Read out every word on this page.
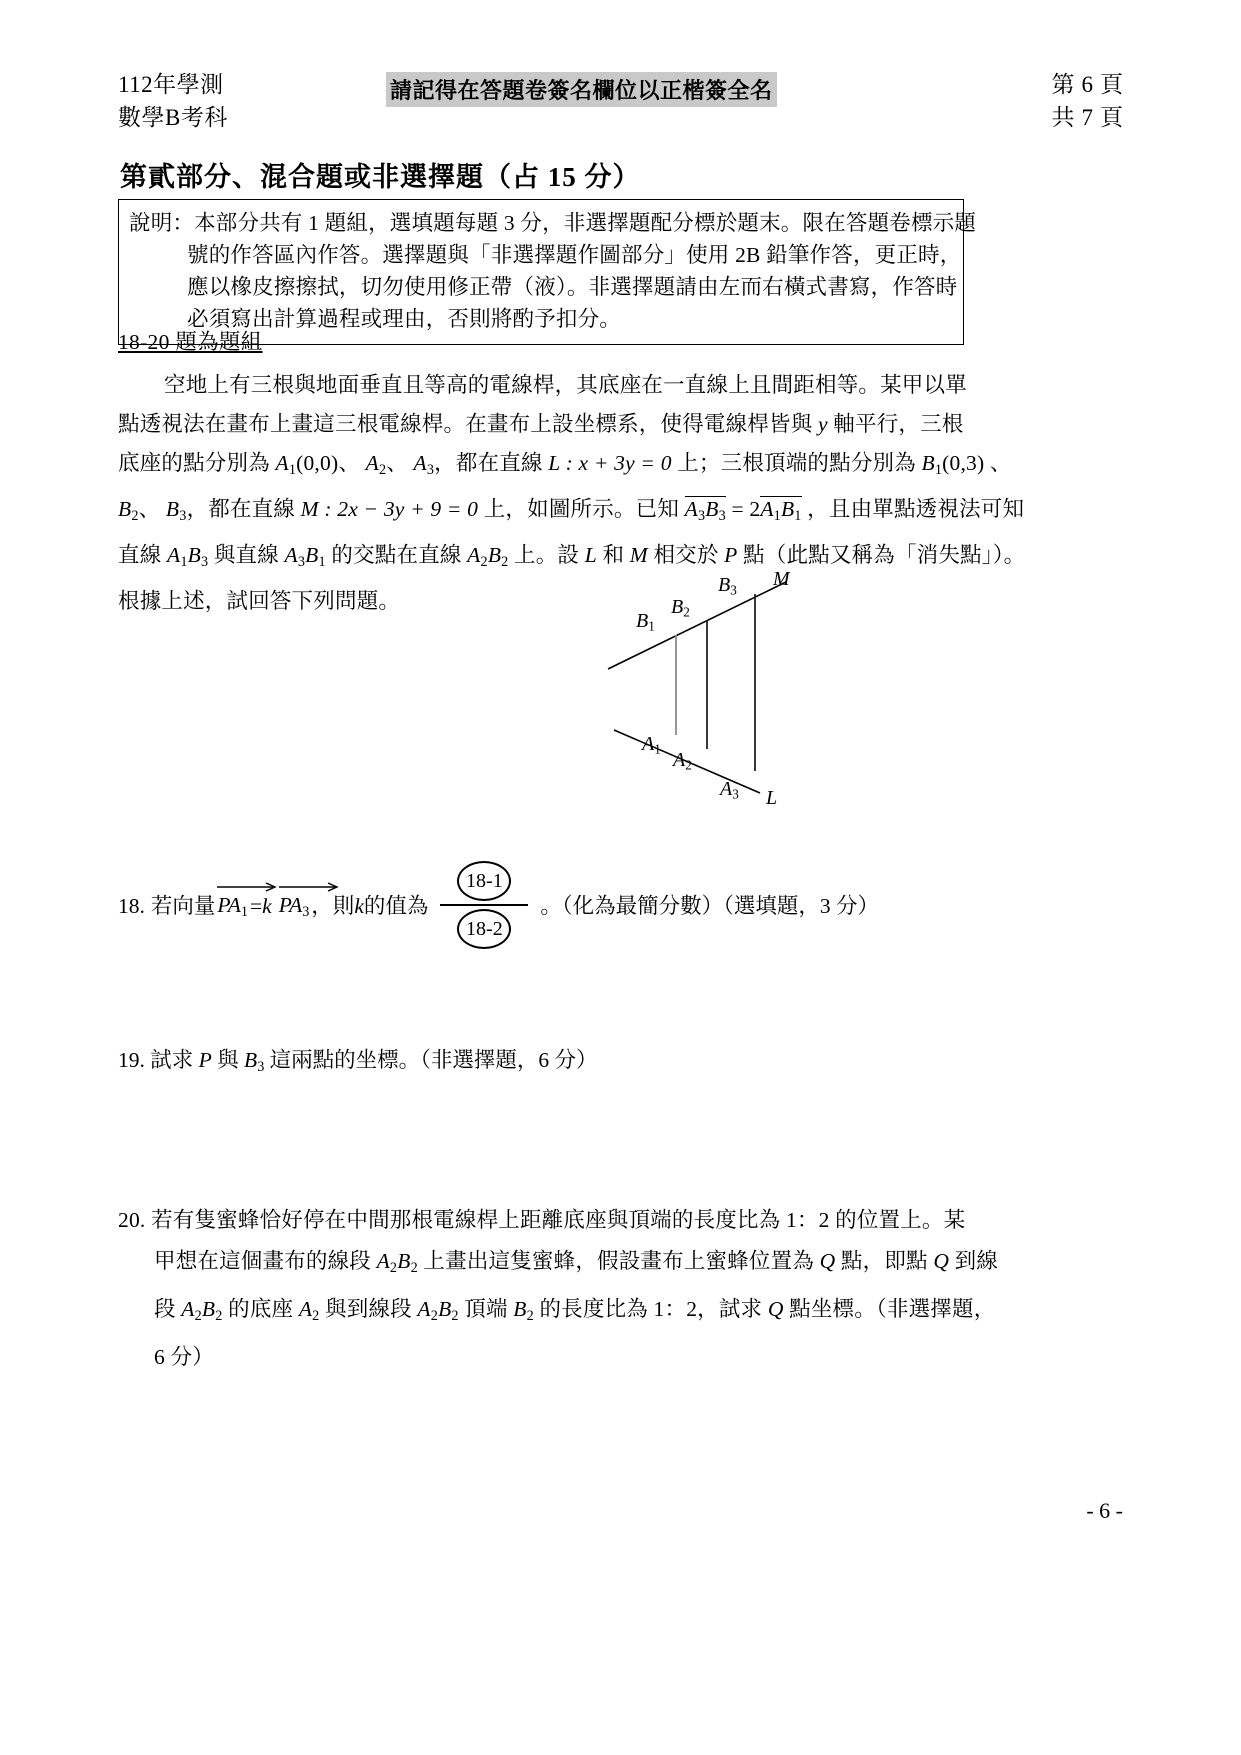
112年學測
數學B考科
請記得在答題卷簽名欄位以正楷簽全名	第 6 頁
共 7 頁
第貳部分、混合題或非選擇題（占 15 分）
說明：本部分共有 1 題組，選填題每題 3 分，非選擇題配分標於題末。限在答題卷標示題
號的作答區內作答。選擇題與「非選擇題作圖部分」使用 2B 鉛筆作答，更正時，
應以橡皮擦擦拭，切勿使用修正帶（液）。非選擇題請由左而右橫式書寫，作答時
必須寫出計算過程或理由，否則將酌予扣分。
18-20 題為題組
空地上有三根與地面垂直且等高的電線桿，其底座在一直線上且間距相等。某甲以單
點透視法在畫布上畫這三根電線桿。在畫布上設坐標系，使得電線桿皆與 y 軸平行，三根
底座的點分別為 $A_1(0,0)$、 $A_2$、 $A_3$，都在直線 L : x + 3y = 0 上；三根頂端的點分別為 $B_1(0,3)$ 、
$B_2$、 $B_3$，都在直線 M : 2x − 3y + 9 = 0 上，如圖所示。已知 $A_3B_3 = 2A_1B_1$ ，且由單點透視法可知
直線 $A_1B_3$ 與直線 $A_3B_1$ 的交點在直線 $A_2B_2$ 上。設 L 和 M 相交於 P 點（此點又稱為「消失點」）。
根據上述，試回答下列問題。
$B_1$
$B_2$
$B_3$
M
$A_1$ $A_2$
$A_3$ L
18. 若向量 $PA_1 = k$ $PA_3$ ，則 k 的值為 $\frac{18-1}{18-2}$ 。（化為最簡分數）（選填題，3 分）
19. 試求 P 與 $B_3$ 這兩點的坐標。（非選擇題，6 分）
20. 若有隻蜜蜂恰好停在中間那根電線桿上距離底座與頂端的長度比為 1：2 的位置上。某
甲想在這個畫布的線段 $A_2B_2$ 上畫出這隻蜜蜂，假設畫布上蜜蜂位置為 Q 點，即點 Q 到線
段 $A_2B_2$ 的底座 $A_2$ 與到線段 $A_2B_2$ 頂端 $B_2$ 的長度比為 1：2，試求 Q 點坐標。（非選擇題，
6 分）
- 6 -
